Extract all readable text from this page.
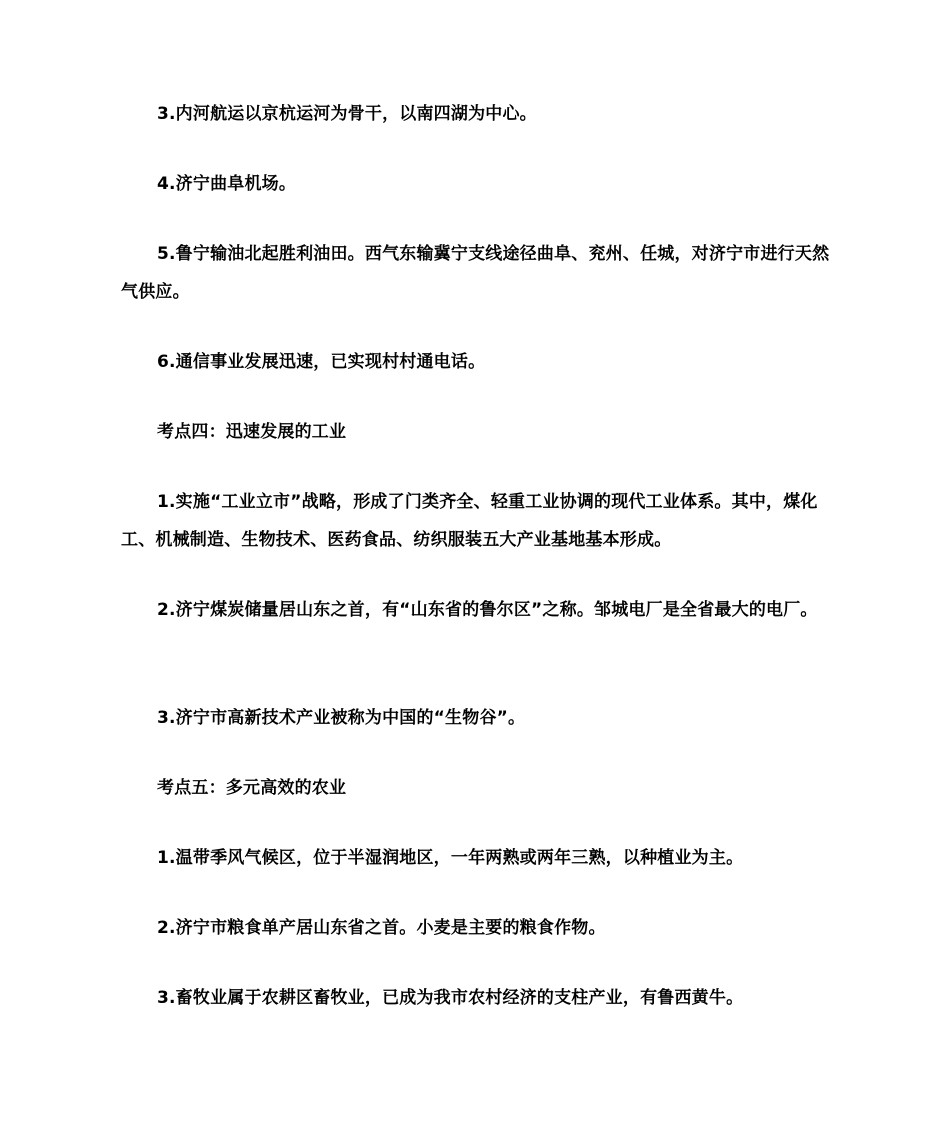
3.内河航运以京杭运河为骨干，以南四湖为中心。

4.济宁曲阜机场。

5.鲁宁输油北起胜利油田。西气东输冀宁支线途径曲阜、兖州、任城，对济宁市进行天然气供应。

6.通信事业发展迅速，已实现村村通电话。

考点四：迅速发展的工业

1.实施“工业立市”战略，形成了门类齐全、轻重工业协调的现代工业体系。其中，煤化工、机械制造、生物技术、医药食品、纺织服装五大产业基地基本形成。

2.济宁煤炭储量居山东之首，有“山东省的鲁尔区”之称。邹城电厂是全省最大的电厂。

3.济宁市高新技术产业被称为中国的“生物谷”。

考点五：多元高效的农业

1.温带季风气候区，位于半湿润地区，一年两熟或两年三熟，以种植业为主。

2.济宁市粮食单产居山东省之首。小麦是主要的粮食作物。

3.畜牧业属于农耕区畜牧业，已成为我市农村经济的支柱产业，有鲁西黄牛。
